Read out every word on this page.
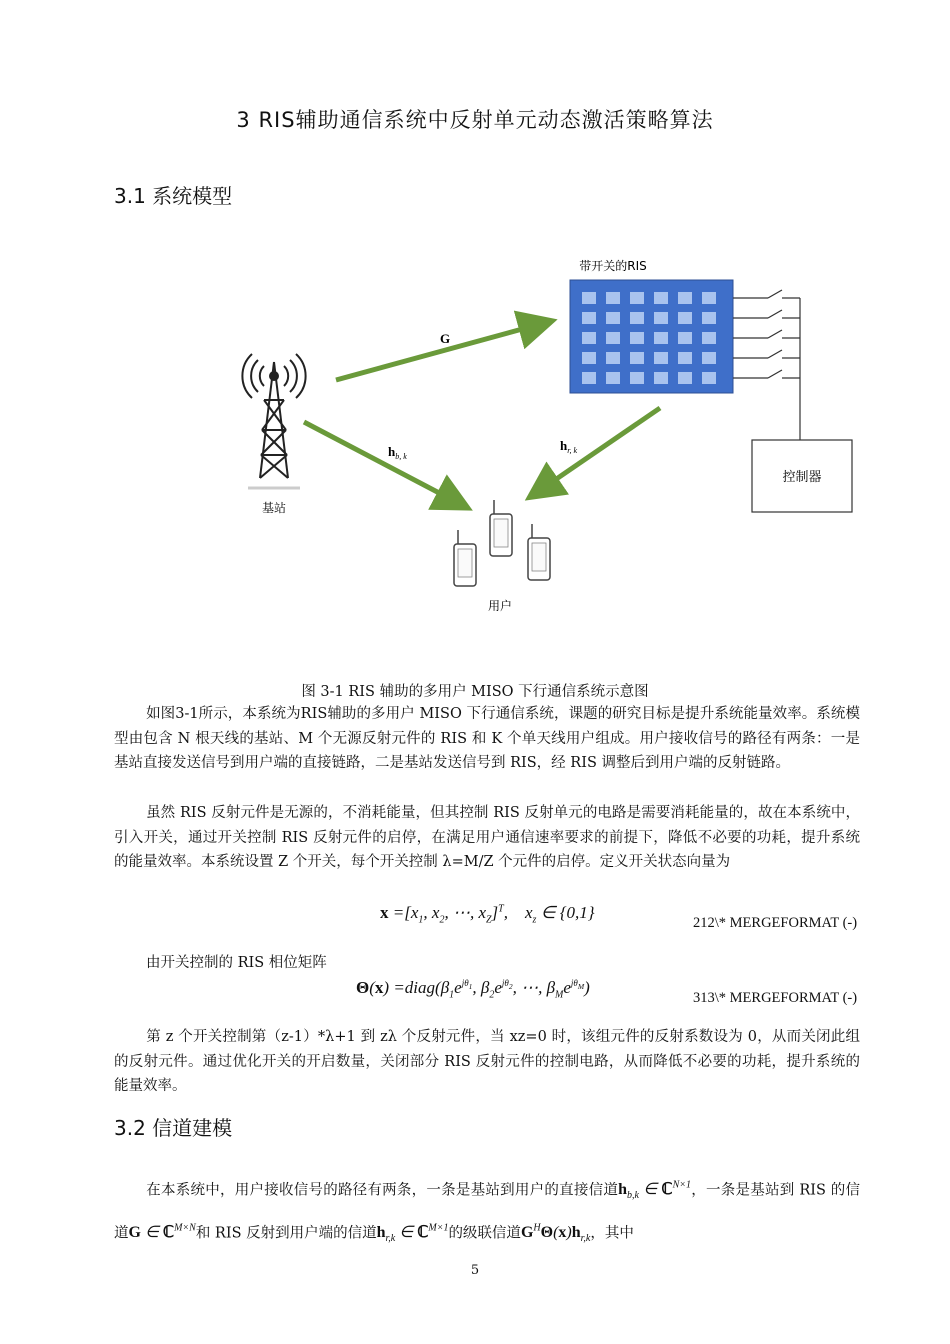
3 RIS辅助通信系统中反射单元动态激活策略算法
3.1 系统模型
带开关的RIS
控制器
基站
G
$h_{b, k}$
$h_{r, k}$
用户
图 3-1 RIS 辅助的多用户 MISO 下行通信系统示意图

如图3-1所示，本系统为RIS辅助的多用户 MISO 下行通信系统，课题的研究目标是提升系统能量效率。系统模型由包含 N 根天线的基站、M 个无源反射元件的 RIS 和 K 个单天线用户组成。用户接收信号的路径有两条：一是基站直接发送信号到用户端的直接链路，二是基站发送信号到 RIS，经 RIS 调整后到用户端的反射链路。

虽然 RIS 反射元件是无源的，不消耗能量，但其控制 RIS 反射单元的电路是需要消耗能量的，故在本系统中，引入开关，通过开关控制 RIS 反射元件的启停，在满足用户通信速率要求的前提下，降低不必要的功耗，提升系统的能量效率。本系统设置 Z 个开关，每个开关控制 λ=M/Z 个元件的启停。定义开关状态向量为

$x =[x_1$, $x_2$, ⋯, $x_Z]^T$,    $x_z$ ∈ {0,1}
212\* MERGEFORMAT (-)

由开关控制的 RIS 相位矩阵

$\Theta(x) =diag(\beta_1e^{j\theta_1}$, $\beta_2e^{j\theta_2}$, ⋯, $\beta_Me^{j\theta_M}$)
313\* MERGEFORMAT (-)

第 z 个开关控制第（z-1）*λ+1 到 zλ 个反射元件，当 xz=0 时，该组元件的反射系数设为 0，从而关闭此组的反射元件。通过优化开关的开启数量，关闭部分 RIS 反射元件的控制电路，从而降低不必要的功耗，提升系统的能量效率。

3.2 信道建模

在本系统中，用户接收信号的路径有两条，一条是基站到用户的直接信道$h_{b,k}$ ∈ ℂ$^{N\times 1}$，一条是基站到 RIS 的信道G ∈ ℂ$^{M\times N}$和 RIS 反射到用户端的信道$h_{r,k}$ ∈ ℂ$^{M\times 1}$的级联信道$G^H\Theta(x)h_{r,k}$，其中

5
